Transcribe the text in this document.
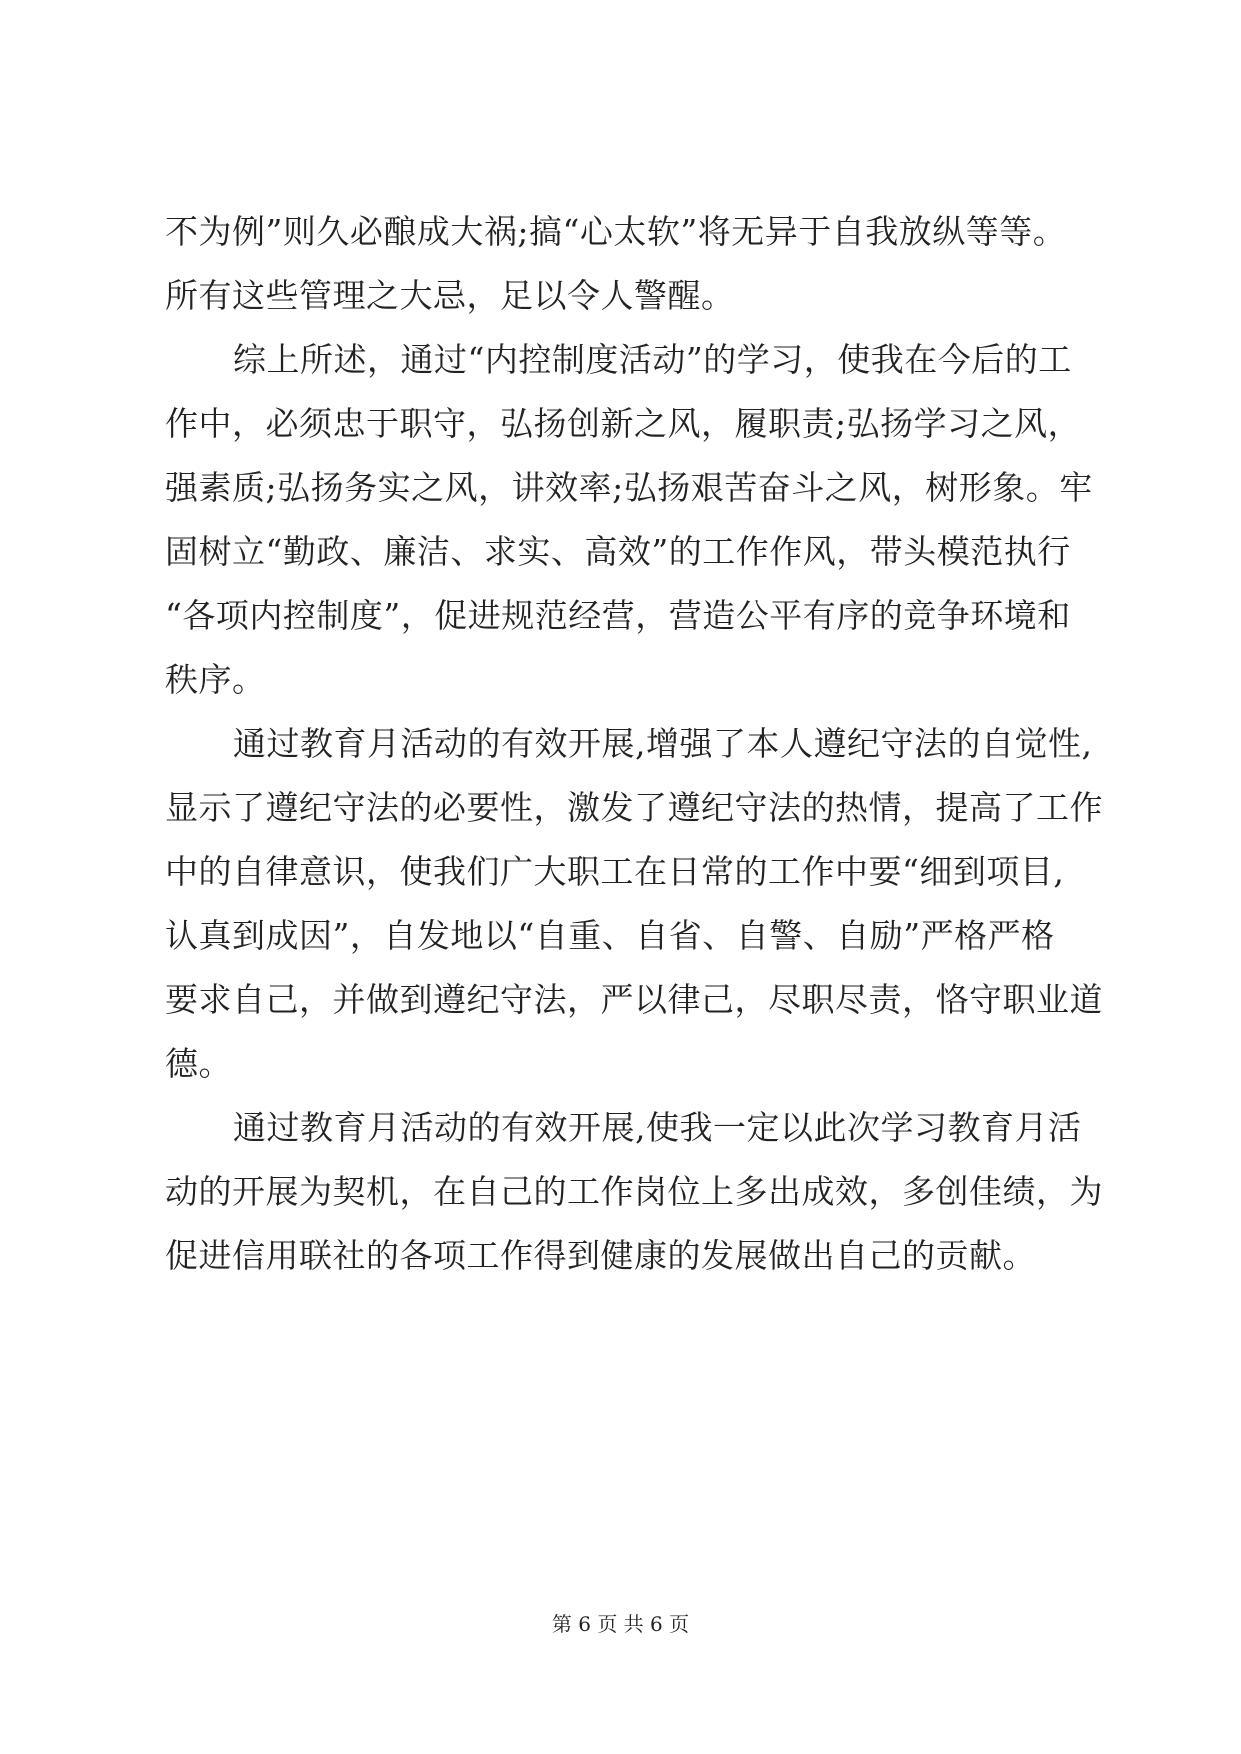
不为例”则久必酿成大祸;搞“心太软”将无异于自我放纵等等。
所有这些管理之大忌，足以令人警醒。
综上所述，通过“内控制度活动”的学习，使我在今后的工
作中，必须忠于职守，弘扬创新之风，履职责;弘扬学习之风，
强素质;弘扬务实之风，讲效率;弘扬艰苦奋斗之风，树形象。牢
固树立“勤政、廉洁、求实、高效”的工作作风，带头模范执行
“各项内控制度”，促进规范经营，营造公平有序的竞争环境和
秩序。
通过教育月活动的有效开展,增强了本人遵纪守法的自觉性,
显示了遵纪守法的必要性，激发了遵纪守法的热情，提高了工作
中的自律意识，使我们广大职工在日常的工作中要“细到项目,
认真到成因”，自发地以“自重、自省、自警、自励”严格严格
要求自己，并做到遵纪守法，严以律己，尽职尽责，恪守职业道
德。
通过教育月活动的有效开展,使我一定以此次学习教育月活
动的开展为契机，在自己的工作岗位上多出成效，多创佳绩，为
促进信用联社的各项工作得到健康的发展做出自己的贡献。
第 6 页 共 6 页
